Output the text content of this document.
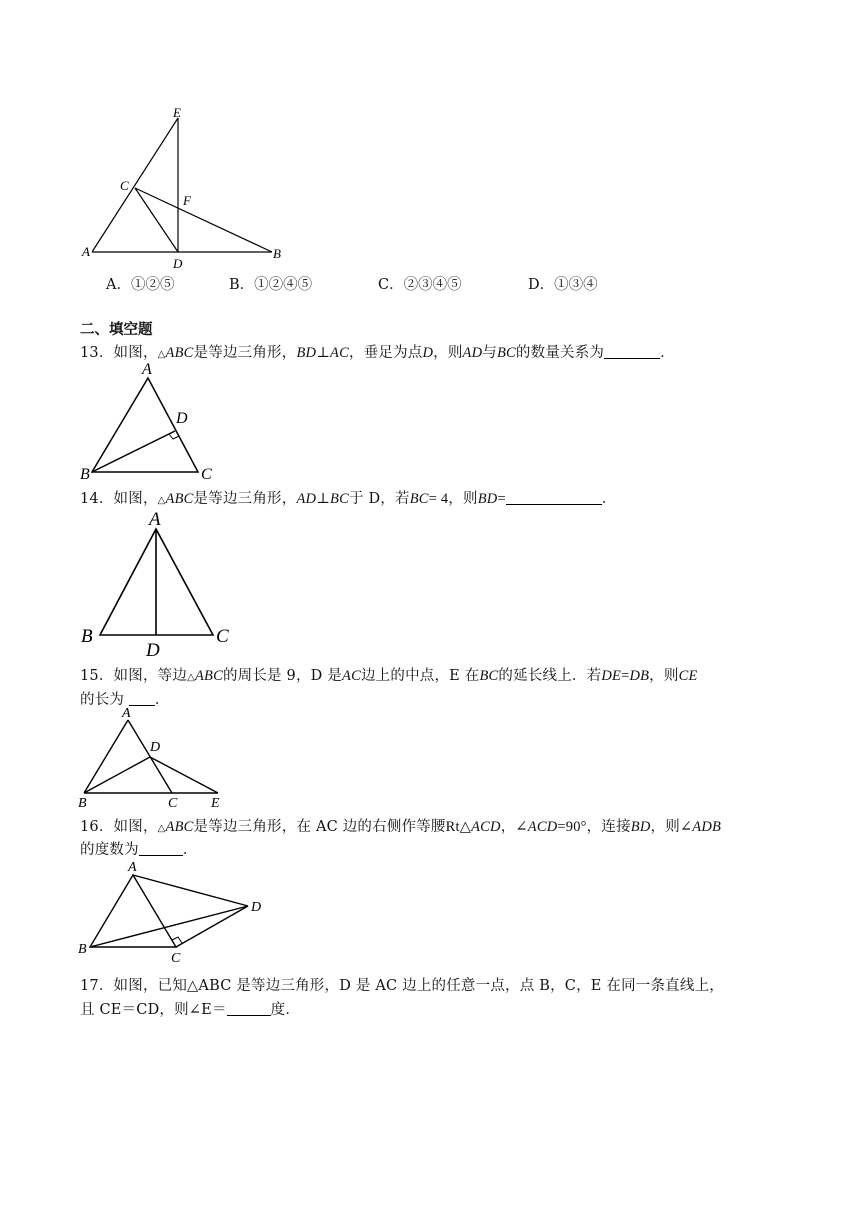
E
C
F
A
D
B
A．①②⑤	B．①②④⑤	C．②③④⑤	D．①③④
二、填空题
13．如图，△ABC是等边三角形，BD⊥AC，垂足为点D，则AD与BC的数量关系为	．
A
D
B	C
14．如图，△ABC是等边三角形，AD⊥BC于 D，若BC= 4，则BD=	．
A
B
D
C
15．如图，等边△ABC的周长是 9，D 是AC边上的中点，E 在BC的延长线上．若DE=DB，则CE
的长为 ．
A
D
B	C E
16．如图，△ABC是等边三角形，在 AC 边的右侧作等腰Rt△ACD，∠ACD=90°，连接BD，则∠ADB
的度数为	．
A
D
B
C
17．如图，已知△ABC 是等边三角形，D 是 AC 边上的任意一点，点 B，C，E 在同一条直线上，
且 CE＝CD，则∠E＝	度．
